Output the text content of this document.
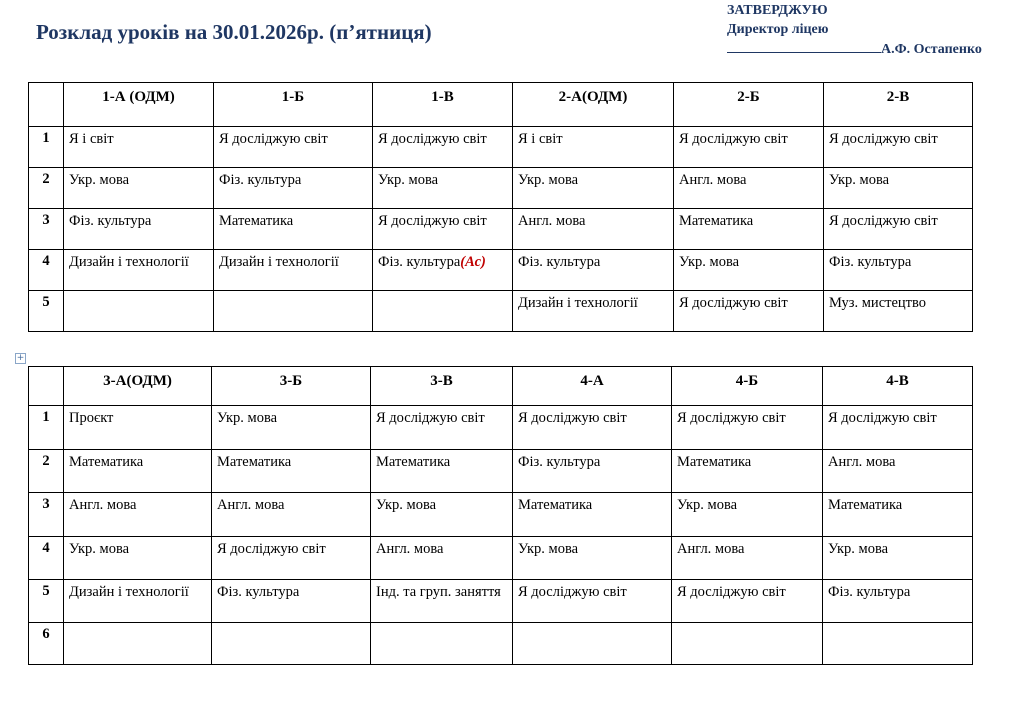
Розклад уроків на 30.01.2026р. (п’ятниця)
ЗАТВЕРДЖУЮ
Директор ліцею
А.Ф. Остапенко
	1-А (ОДМ)	1-Б	1-В	2-А(ОДМ)	2-Б	2-В
1	Я і світ	Я досліджую світ	Я досліджую світ	Я і світ	Я досліджую світ	Я досліджую світ
2	Укр. мова	Фіз. культура	Укр. мова	Укр. мова	Англ. мова	Укр. мова
3	Фіз. культура	Математика	Я досліджую світ	Англ. мова	Математика	Я досліджую світ
4	Дизайн і технології	Дизайн і технології	Фіз. культура(Ас)	Фіз. культура	Укр. мова	Фіз. культура
5				Дизайн і технології	Я досліджую світ	Муз. мистецтво
+
	3-А(ОДМ)	3-Б	3-В	4-А	4-Б	4-В
1	Проєкт	Укр. мова	Я досліджую світ	Я досліджую світ	Я досліджую світ	Я досліджую світ
2	Математика	Математика	Математика	Фіз. культура	Математика	Англ. мова
3	Англ. мова	Англ. мова	Укр. мова	Математика	Укр. мова	Математика
4	Укр. мова	Я досліджую світ	Англ. мова	Укр. мова	Англ. мова	Укр. мова
5	Дизайн і технології	Фіз. культура	Інд. та груп. заняття	Я досліджую світ	Я досліджую світ	Фіз. культура
6						
